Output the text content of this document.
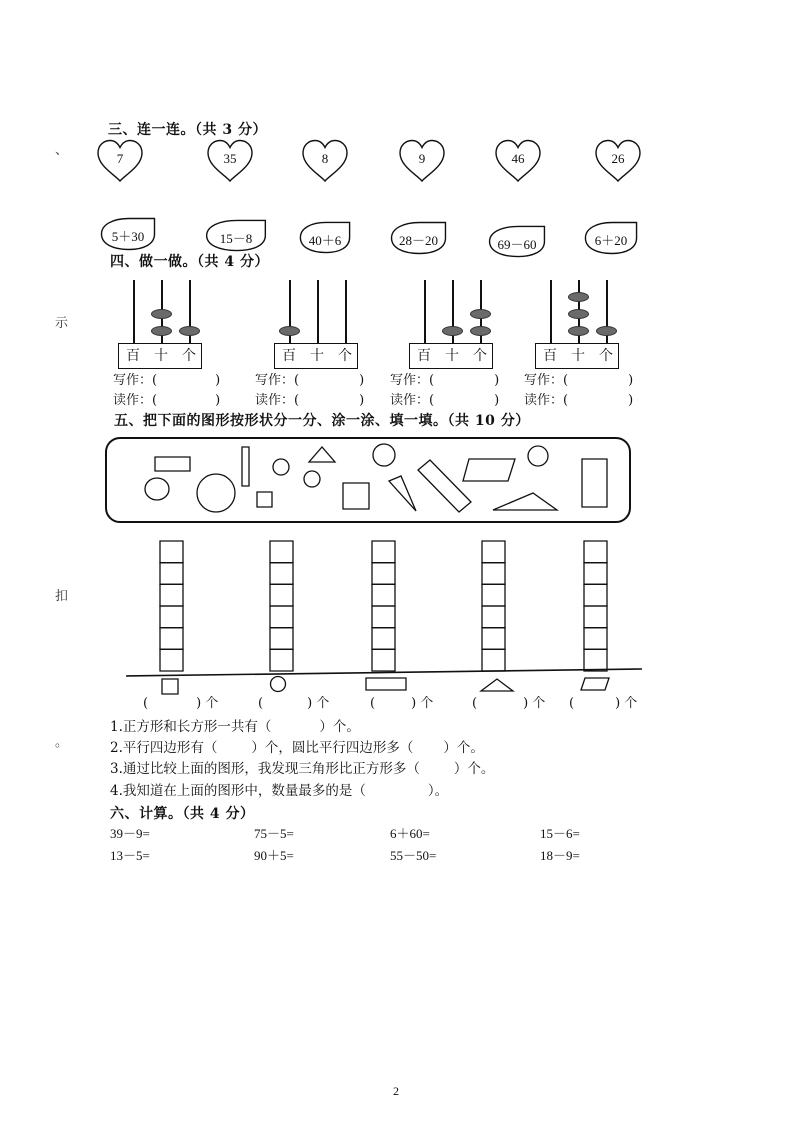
、
示
扣
。
三、连一连。（共 3 分）
7	35	8	9	46	26
5＋30	15－8	40＋6	28－20	69－60	6＋20
四、做一做。（共 4 分）
百 十 个	百 十 个	百 十 个	百 十 个
写作：(	)
读作：(	)
写作：(	)
读作：(	)
写作：(	)
读作：(	)
写作：(	)
读作：(	)
五、把下面的图形按形状分一分、涂一涂、填一填。（共 10 分）
(	) 个	(	) 个	(	) 个	(	) 个 (	) 个
1.正方形和长方形一共有（	）个。
2.平行四边形有（	）个，圆比平行四边形多（ ）个。
3.通过比较上面的图形，我发现三角形比正方形多（	）个。
4.我知道在上面的图形中，数量最多的是（	）。
六、计算。（共 4 分）
39－9=	75－5=	6＋60=	15－6=
13－5=	90＋5=	55－50=	18－9=
2
